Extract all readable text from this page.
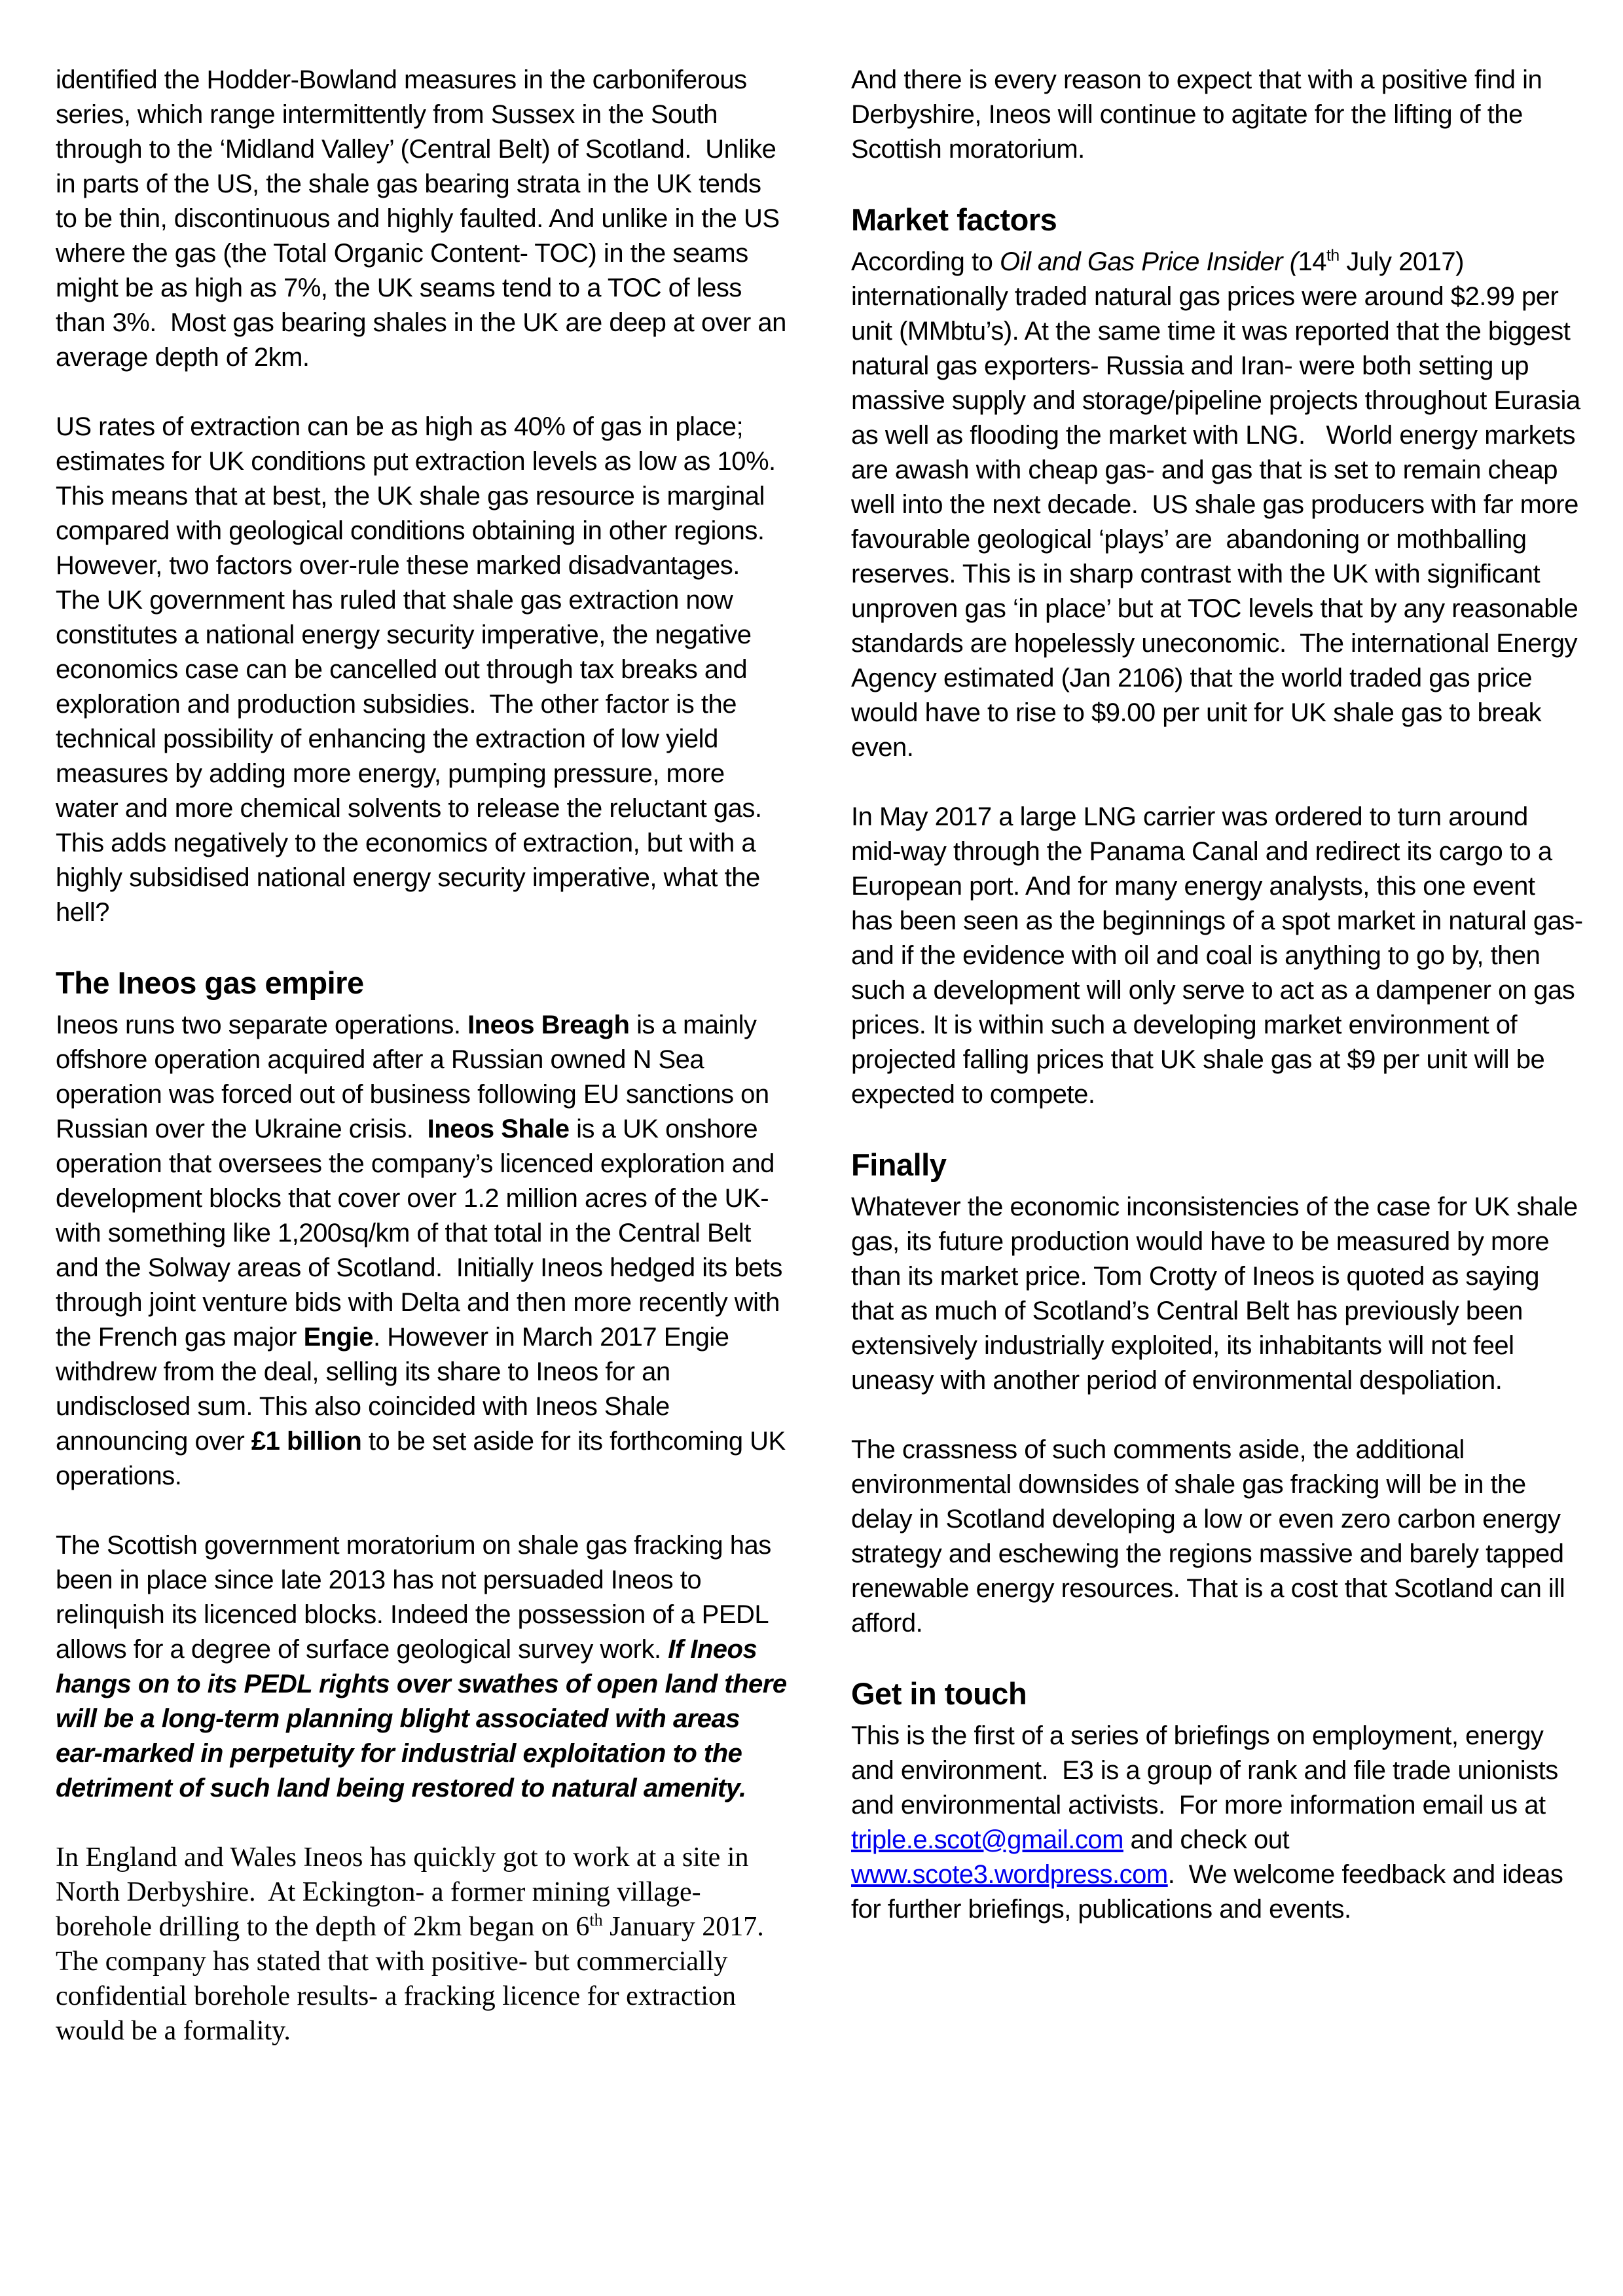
identified the Hodder-Bowland measures in the carboniferous series, which range intermittently from Sussex in the South through to the ‘Midland Valley’ (Central Belt) of Scotland.  Unlike in parts of the US, the shale gas bearing strata in the UK tends to be thin, discontinuous and highly faulted. And unlike in the US where the gas (the Total Organic Content- TOC) in the seams might be as high as 7%, the UK seams tend to a TOC of less than 3%.  Most gas bearing shales in the UK are deep at over an average depth of 2km.

US rates of extraction can be as high as 40% of gas in place; estimates for UK conditions put extraction levels as low as 10%. This means that at best, the UK shale gas resource is marginal compared with geological conditions obtaining in other regions. However, two factors over-rule these marked disadvantages.  The UK government has ruled that shale gas extraction now constitutes a national energy security imperative, the negative economics case can be cancelled out through tax breaks and exploration and production subsidies.  The other factor is the technical possibility of enhancing the extraction of low yield measures by adding more energy, pumping pressure, more water and more chemical solvents to release the reluctant gas.  This adds negatively to the economics of extraction, but with a highly subsidised national energy security imperative, what the hell?

The Ineos gas empire

Ineos runs two separate operations. Ineos Breagh is a mainly offshore operation acquired after a Russian owned N Sea operation was forced out of business following EU sanctions on Russian over the Ukraine crisis.  Ineos Shale is a UK onshore operation that oversees the company’s licenced exploration and development blocks that cover over 1.2 million acres of the UK- with something like 1,200sq/km of that total in the Central Belt and the Solway areas of Scotland.  Initially Ineos hedged its bets through joint venture bids with Delta and then more recently with the French gas major Engie. However in March 2017 Engie withdrew from the deal, selling its share to Ineos for an undisclosed sum. This also coincided with Ineos Shale announcing over £1 billion to be set aside for its forthcoming UK operations.

The Scottish government moratorium on shale gas fracking has been in place since late 2013 has not persuaded Ineos to relinquish its licenced blocks. Indeed the possession of a PEDL allows for a degree of surface geological survey work. If Ineos hangs on to its PEDL rights over swathes of open land there will be a long-term planning blight associated with areas ear-marked in perpetuity for industrial exploitation to the detriment of such land being restored to natural amenity.

In England and Wales Ineos has quickly got to work at a site in North Derbyshire.  At Eckington- a former mining village- borehole drilling to the depth of 2km began on 6th January 2017. The company has stated that with positive- but commercially confidential borehole results- a fracking licence for extraction would be a formality.

And there is every reason to expect that with a positive find in Derbyshire, Ineos will continue to agitate for the lifting of the Scottish moratorium.

Market factors

According to Oil and Gas Price Insider (14th July 2017) internationally traded natural gas prices were around $2.99 per unit (MMbtu’s). At the same time it was reported that the biggest natural gas exporters- Russia and Iran- were both setting up massive supply and storage/pipeline projects throughout Eurasia as well as flooding the market with LNG.   World energy markets are awash with cheap gas- and gas that is set to remain cheap well into the next decade.  US shale gas producers with far more favourable geological ‘plays’ are  abandoning or mothballing reserves. This is in sharp contrast with the UK with significant unproven gas ‘in place’ but at TOC levels that by any reasonable standards are hopelessly uneconomic.  The international Energy Agency estimated (Jan 2106) that the world traded gas price would have to rise to $9.00 per unit for UK shale gas to break even.

In May 2017 a large LNG carrier was ordered to turn around mid-way through the Panama Canal and redirect its cargo to a European port. And for many energy analysts, this one event has been seen as the beginnings of a spot market in natural gas- and if the evidence with oil and coal is anything to go by, then such a development will only serve to act as a dampener on gas prices. It is within such a developing market environment of projected falling prices that UK shale gas at $9 per unit will be expected to compete.

Finally

Whatever the economic inconsistencies of the case for UK shale gas, its future production would have to be measured by more than its market price. Tom Crotty of Ineos is quoted as saying that as much of Scotland’s Central Belt has previously been extensively industrially exploited, its inhabitants will not feel uneasy with another period of environmental despoliation.

The crassness of such comments aside, the additional environmental downsides of shale gas fracking will be in the delay in Scotland developing a low or even zero carbon energy strategy and eschewing the regions massive and barely tapped renewable energy resources. That is a cost that Scotland can ill afford.

Get in touch

This is the first of a series of briefings on employment, energy and environment.  E3 is a group of rank and file trade unionists and environmental activists.  For more information email us at triple.e.scot@gmail.com and check out www.scote3.wordpress.com.  We welcome feedback and ideas for further briefings, publications and events.
